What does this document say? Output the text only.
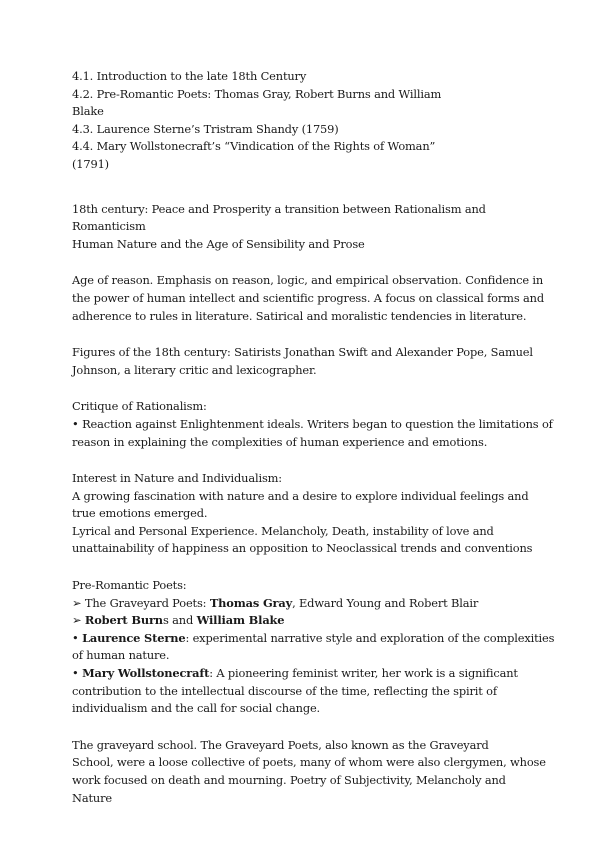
4.1. Introduction to the late 18th Century
4.2. Pre-Romantic Poets: Thomas Gray, Robert Burns and William
Blake
4.3. Laurence Sterne’s Tristram Shandy (1759)
4.4. Mary Wollstonecraft’s “Vindication of the Rights of Woman”
(1791)
18th century: Peace and Prosperity a transition between Rationalism and
Romanticism
Human Nature and the Age of Sensibility and Prose
Age of reason. Emphasis on reason, logic, and empirical observation. Confidence in
the power of human intellect and scientific progress. A focus on classical forms and
adherence to rules in literature. Satirical and moralistic tendencies in literature.
Figures of the 18th century: Satirists Jonathan Swift and Alexander Pope, Samuel
Johnson, a literary critic and lexicographer.
Critique of Rationalism:
• Reaction against Enlightenment ideals. Writers began to question the limitations of
reason in explaining the complexities of human experience and emotions.
Interest in Nature and Individualism:
A growing fascination with nature and a desire to explore individual feelings and
true emotions emerged.
Lyrical and Personal Experience. Melancholy, Death, instability of love and
unattainability of happiness an opposition to Neoclassical trends and conventions
Pre-Romantic Poets:
➢ The Graveyard Poets: Thomas Gray, Edward Young and Robert Blair
➢ Robert Burns and William Blake
• Laurence Sterne: experimental narrative style and exploration of the complexities
of human nature.
• Mary Wollstonecraft: A pioneering feminist writer, her work is a significant
contribution to the intellectual discourse of the time, reflecting the spirit of
individualism and the call for social change.
The graveyard school. The Graveyard Poets, also known as the Graveyard
School, were a loose collective of poets, many of whom were also clergymen, whose
work focused on death and mourning. Poetry of Subjectivity, Melancholy and
Nature
